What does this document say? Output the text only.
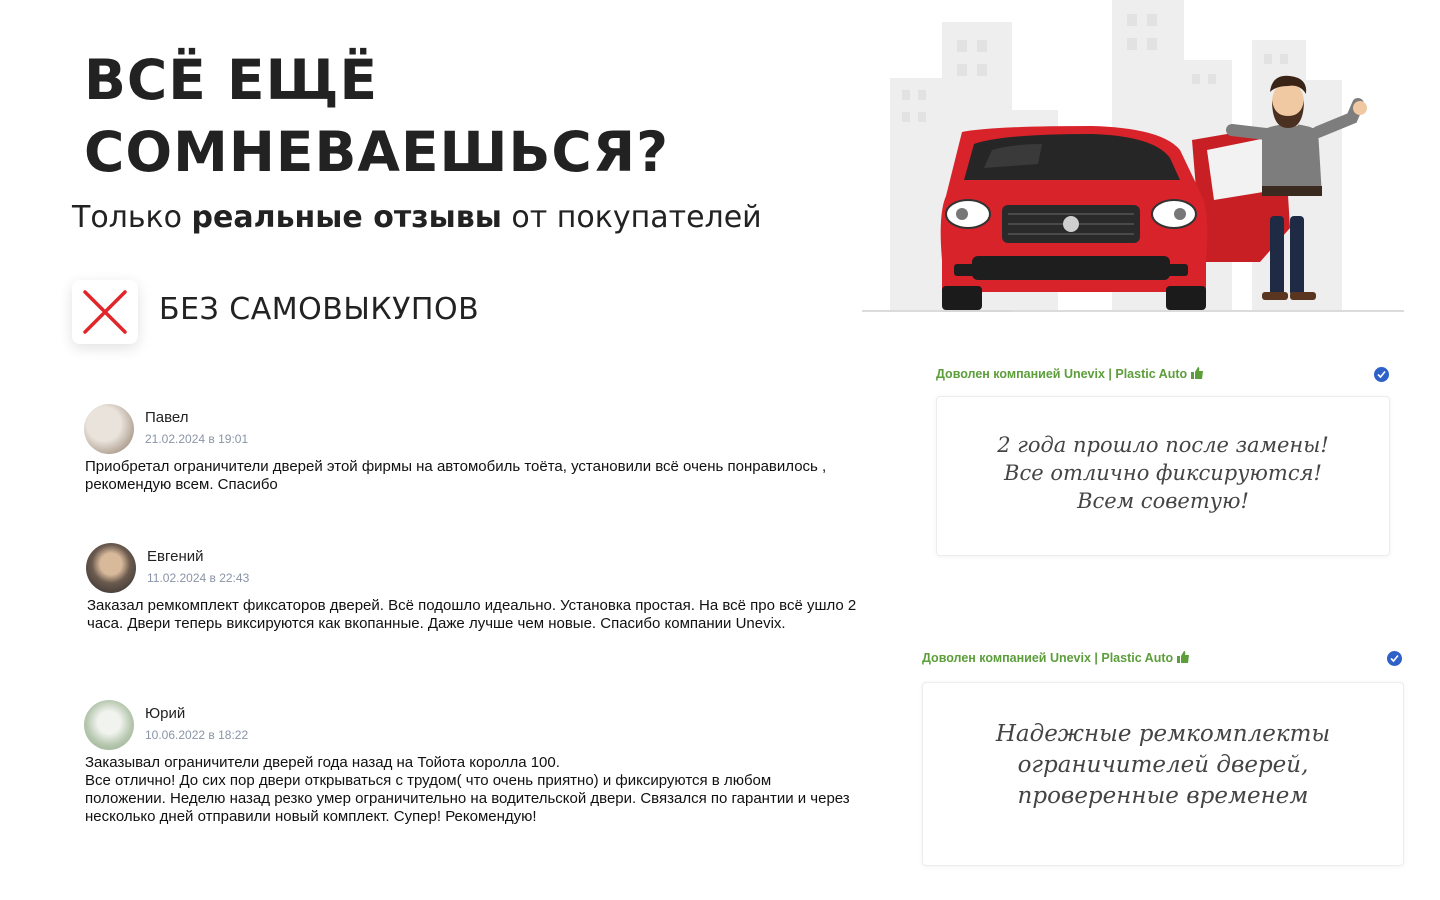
ВСЁ ЕЩЁ
СОМНЕВАЕШЬСЯ?
Только реальные отзывы от покупателей
БЕЗ САМОВЫКУПОВ
Павел
21.02.2024 в 19:01
Приобретал ограничители дверей этой фирмы на автомобиль тоёта, установили всё очень понравилось , рекомендую всем. Спасибо
Евгений
11.02.2024 в 22:43
Заказал ремкомплект фиксаторов дверей. Всё подошло идеально. Установка простая. На всё про всё ушло 2 часа. Двери теперь виксируются как вкопанные. Даже лучше чем новые. Спасибо компании Unevix.
Юрий
10.06.2022 в 18:22
Заказывал ограничители дверей года назад на Тойота королла 100.
Все отлично! До сих пор двери открываться с трудом( что очень приятно) и фиксируются в любом положении. Неделю назад резко умер ограничительно на водительской двери. Связался по гарантии и через несколько дней отправили новый комплект. Супер! Рекомендую!
Доволен компанией Unevix | Plastic Auto
2 года прошло после замены! Все отлично фиксируются! Всем советую!
Доволен компанией Unevix | Plastic Auto
Надежные ремкомплекты ограничителей дверей, проверенные временем
